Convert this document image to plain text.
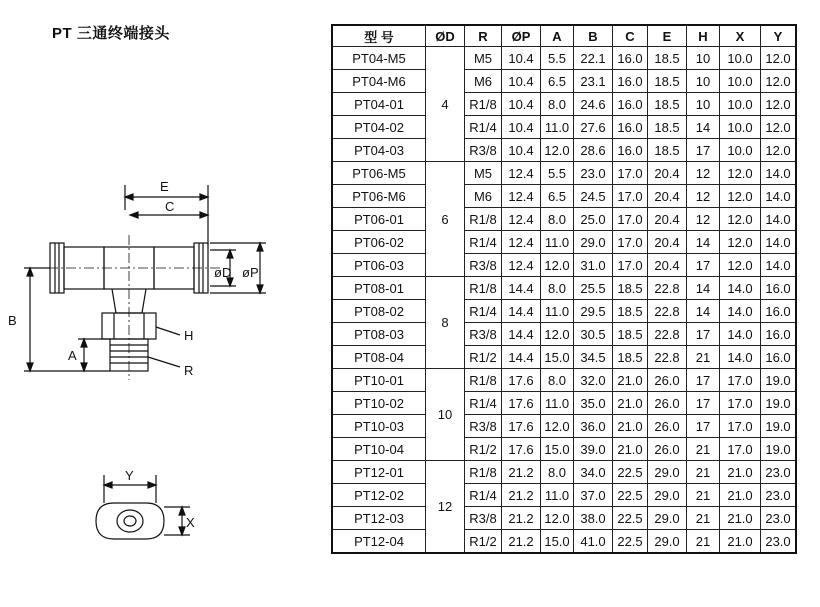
PT 三通终端接头
E
C
B
A
H
R
øD øP
Y
X
型 号	ØD	R	ØP	A	B	C	E	H	X	Y
PT04-M5	4	M5	10.4	5.5	22.1	16.0	18.5	10	10.0	12.0
PT04-M6		M6	10.4	6.5	23.1	16.0	18.5	10	10.0	12.0
PT04-01		R1/8	10.4	8.0	24.6	16.0	18.5	10	10.0	12.0
PT04-02		R1/4	10.4	11.0	27.6	16.0	18.5	14	10.0	12.0
PT04-03		R3/8	10.4	12.0	28.6	16.0	18.5	17	10.0	12.0
PT06-M5	6	M5	12.4	5.5	23.0	17.0	20.4	12	12.0	14.0
PT06-M6		M6	12.4	6.5	24.5	17.0	20.4	12	12.0	14.0
PT06-01		R1/8	12.4	8.0	25.0	17.0	20.4	12	12.0	14.0
PT06-02		R1/4	12.4	11.0	29.0	17.0	20.4	14	12.0	14.0
PT06-03		R3/8	12.4	12.0	31.0	17.0	20.4	17	12.0	14.0
PT08-01	8	R1/8	14.4	8.0	25.5	18.5	22.8	14	14.0	16.0
PT08-02		R1/4	14.4	11.0	29.5	18.5	22.8	14	14.0	16.0
PT08-03		R3/8	14.4	12.0	30.5	18.5	22.8	17	14.0	16.0
PT08-04		R1/2	14.4	15.0	34.5	18.5	22.8	21	14.0	16.0
PT10-01	10	R1/8	17.6	8.0	32.0	21.0	26.0	17	17.0	19.0
PT10-02		R1/4	17.6	11.0	35.0	21.0	26.0	17	17.0	19.0
PT10-03		R3/8	17.6	12.0	36.0	21.0	26.0	17	17.0	19.0
PT10-04		R1/2	17.6	15.0	39.0	21.0	26.0	21	17.0	19.0
PT12-01	12	R1/8	21.2	8.0	34.0	22.5	29.0	21	21.0	23.0
PT12-02		R1/4	21.2	11.0	37.0	22.5	29.0	21	21.0	23.0
PT12-03		R3/8	21.2	12.0	38.0	22.5	29.0	21	21.0	23.0
PT12-04		R1/2	21.2	15.0	41.0	22.5	29.0	21	21.0	23.0
